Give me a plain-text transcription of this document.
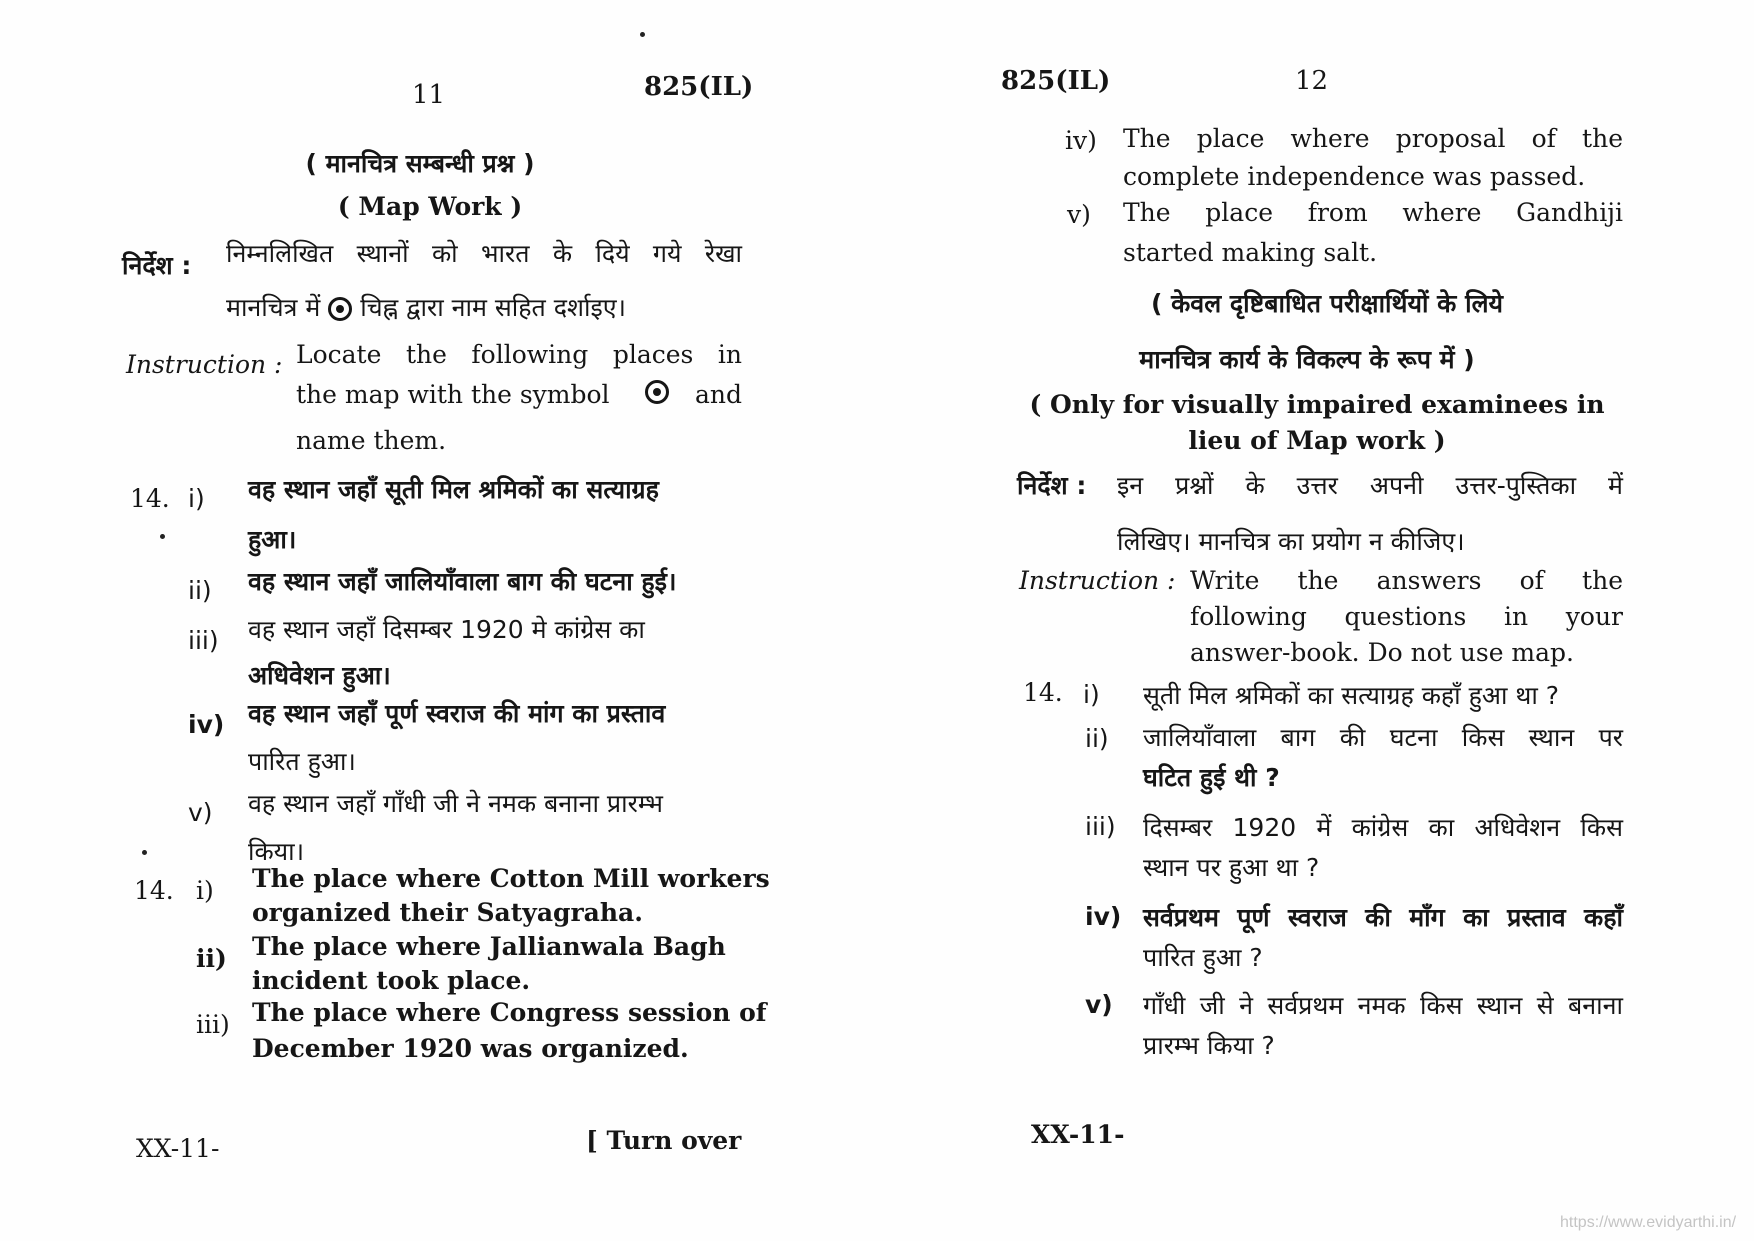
11	825(IL)
( मानचित्र सम्बन्धी प्रश्न )
( Map Work )
निर्देश : निम्नलिखित स्थानों को भारत के दिये गये रेखा
मानचित्र में चिह्न द्वारा नाम सहित दर्शाइए।
Instruction : Locate the following places in
the map with the symbol	and
name them.
14. i) वह स्थान जहाँ सूती मिल श्रमिकों का सत्याग्रह
हुआ।
ii) वह स्थान जहाँ जालियाँवाला बाग की घटना हुई।
iii) वह स्थान जहाँ दिसम्बर 1920 मे कांग्रेस का
अधिवेशन हुआ।
iv) वह स्थान जहाँ पूर्ण स्वराज की मांग का प्रस्ताव
पारित हुआ।
v) वह स्थान जहाँ गाँधी जी ने नमक बनाना प्रारम्भ
किया।
14. i) The place where Cotton Mill workers
organized their Satyagraha.
ii) The place where Jallianwala Bagh
incident took place.
iii) The place where Congress session of
December 1920 was organized.
XX-11-	[ Turn over
825(IL)	12
iv) The place where proposal of the
complete independence was passed.
v) The place from where Gandhiji
started making salt.
( केवल दृष्टिबाधित परीक्षार्थियों के लिये
मानचित्र कार्य के विकल्प के रूप में )
( Only for visually impaired examinees in
lieu of Map work )
निर्देश : इन प्रश्नों के उत्तर अपनी उत्तर-पुस्तिका में
लिखिए। मानचित्र का प्रयोग न कीजिए।
Instruction : Write the answers of the
following questions in your
answer-book. Do not use map.
14. i) सूती मिल श्रमिकों का सत्याग्रह कहाँ हुआ था ?
ii) जालियाँवाला बाग की घटना किस स्थान पर
घटित हुई थी ?
iii) दिसम्बर 1920 में कांग्रेस का अधिवेशन किस
स्थान पर हुआ था ?
iv) सर्वप्रथम पूर्ण स्वराज की माँग का प्रस्ताव कहाँ
पारित हुआ ?
v) गाँधी जी ने सर्वप्रथम नमक किस स्थान से बनाना
प्रारम्भ किया ?
XX-11-
https://www.evidyarthi.in/
